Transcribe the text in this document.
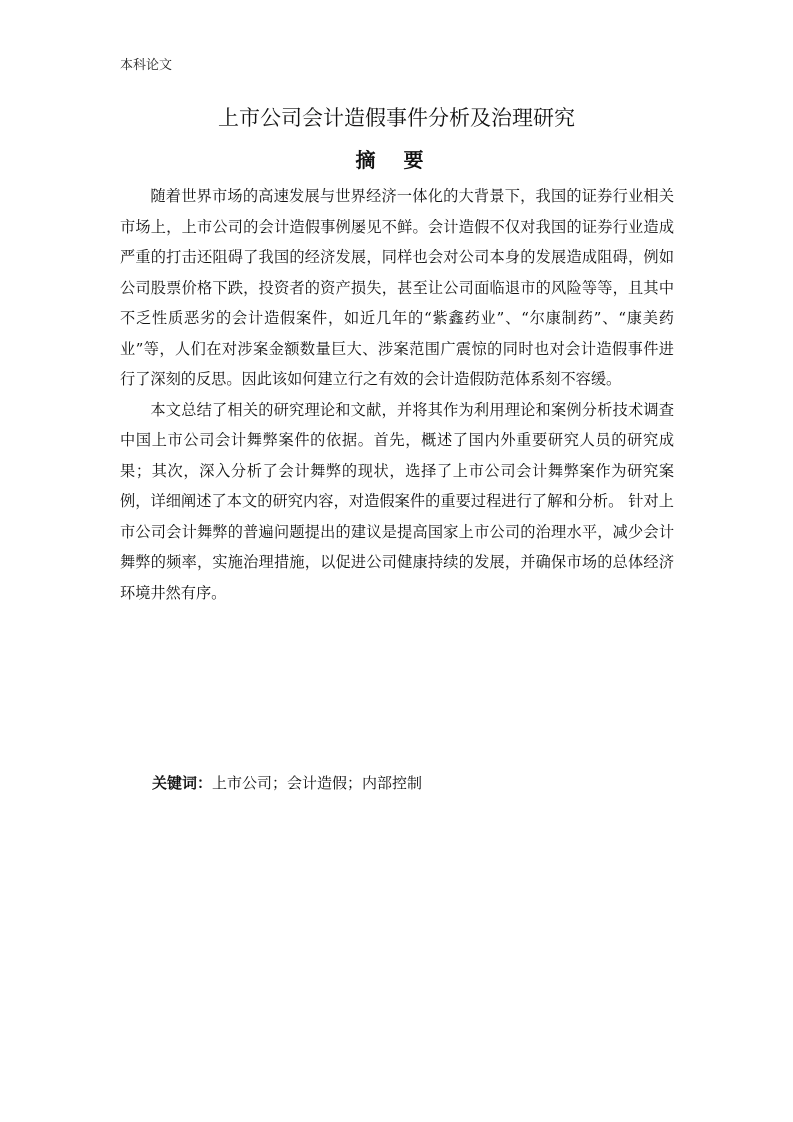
本科论文
上市公司会计造假事件分析及治理研究
摘要

随着世界市场的高速发展与世界经济一体化的大背景下，我国的证券行业相关市场上，上市公司的会计造假事例屡见不鲜。会计造假不仅对我国的证券行业造成严重的打击还阻碍了我国的经济发展，同样也会对公司本身的发展造成阻碍，例如公司股票价格下跌，投资者的资产损失，甚至让公司面临退市的风险等等，且其中不乏性质恶劣的会计造假案件，如近几年的“紫鑫药业”、“尔康制药”、“康美药业”等，人们在对涉案金额数量巨大、涉案范围广震惊的同时也对会计造假事件进行了深刻的反思。因此该如何建立行之有效的会计造假防范体系刻不容缓。

本文总结了相关的研究理论和文献，并将其作为利用理论和案例分析技术调查中国上市公司会计舞弊案件的依据。首先，概述了国内外重要研究人员的研究成果；其次，深入分析了会计舞弊的现状，选择了上市公司会计舞弊案作为研究案例，详细阐述了本文的研究内容，对造假案件的重要过程进行了解和分析。 针对上市公司会计舞弊的普遍问题提出的建议是提高国家上市公司的治理水平，减少会计舞弊的频率，实施治理措施，以促进公司健康持续的发展，并确保市场的总体经济环境井然有序。

关键词：上市公司；会计造假；内部控制
